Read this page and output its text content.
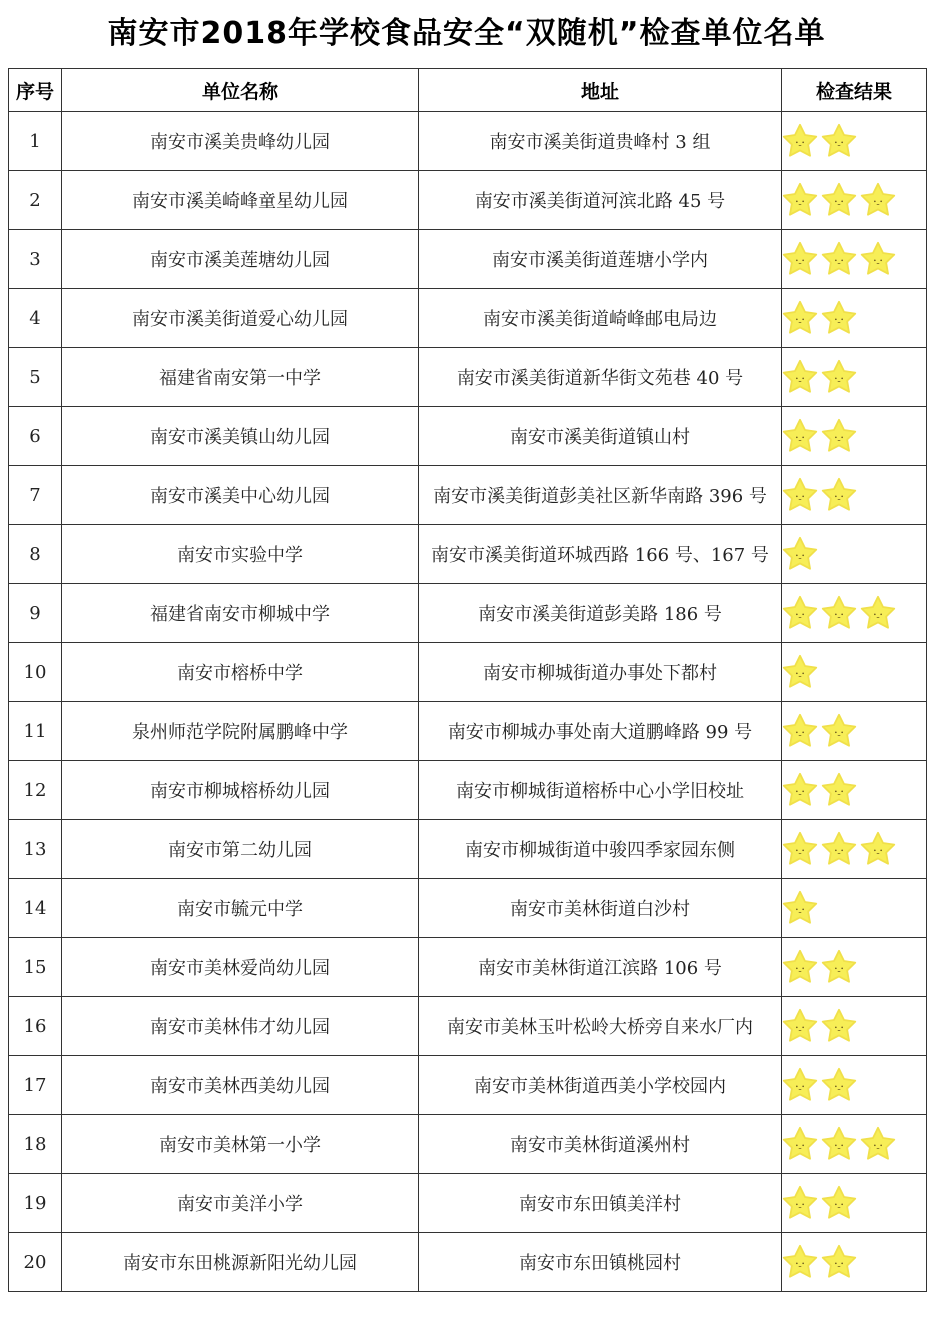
南安市2018年学校食品安全“双随机”检查单位名单
序号	单位名称	地址	检查结果
1	南安市溪美贵峰幼儿园	南安市溪美街道贵峰村 3 组	

2	南安市溪美崎峰童星幼儿园	南安市溪美街道河滨北路 45 号	

3	南安市溪美莲塘幼儿园	南安市溪美街道莲塘小学内	

4	南安市溪美街道爱心幼儿园	南安市溪美街道崎峰邮电局边	

5	福建省南安第一中学	南安市溪美街道新华街文苑巷 40 号	

6	南安市溪美镇山幼儿园	南安市溪美街道镇山村	

7	南安市溪美中心幼儿园	南安市溪美街道彭美社区新华南路 396 号	

8	南安市实验中学	南安市溪美街道环城西路 166 号、167 号	

9	福建省南安市柳城中学	南安市溪美街道彭美路 186 号	

10	南安市榕桥中学	南安市柳城街道办事处下都村	

11	泉州师范学院附属鹏峰中学	南安市柳城办事处南大道鹏峰路 99 号	

12	南安市柳城榕桥幼儿园	南安市柳城街道榕桥中心小学旧校址	

13	南安市第二幼儿园	南安市柳城街道中骏四季家园东侧	

14	南安市毓元中学	南安市美林街道白沙村	

15	南安市美林爱尚幼儿园	南安市美林街道江滨路 106 号	

16	南安市美林伟才幼儿园	南安市美林玉叶松岭大桥旁自来水厂内	

17	南安市美林西美幼儿园	南安市美林街道西美小学校园内	

18	南安市美林第一小学	南安市美林街道溪州村	

19	南安市美洋小学	南安市东田镇美洋村	

20	南安市东田桃源新阳光幼儿园	南安市东田镇桃园村	
